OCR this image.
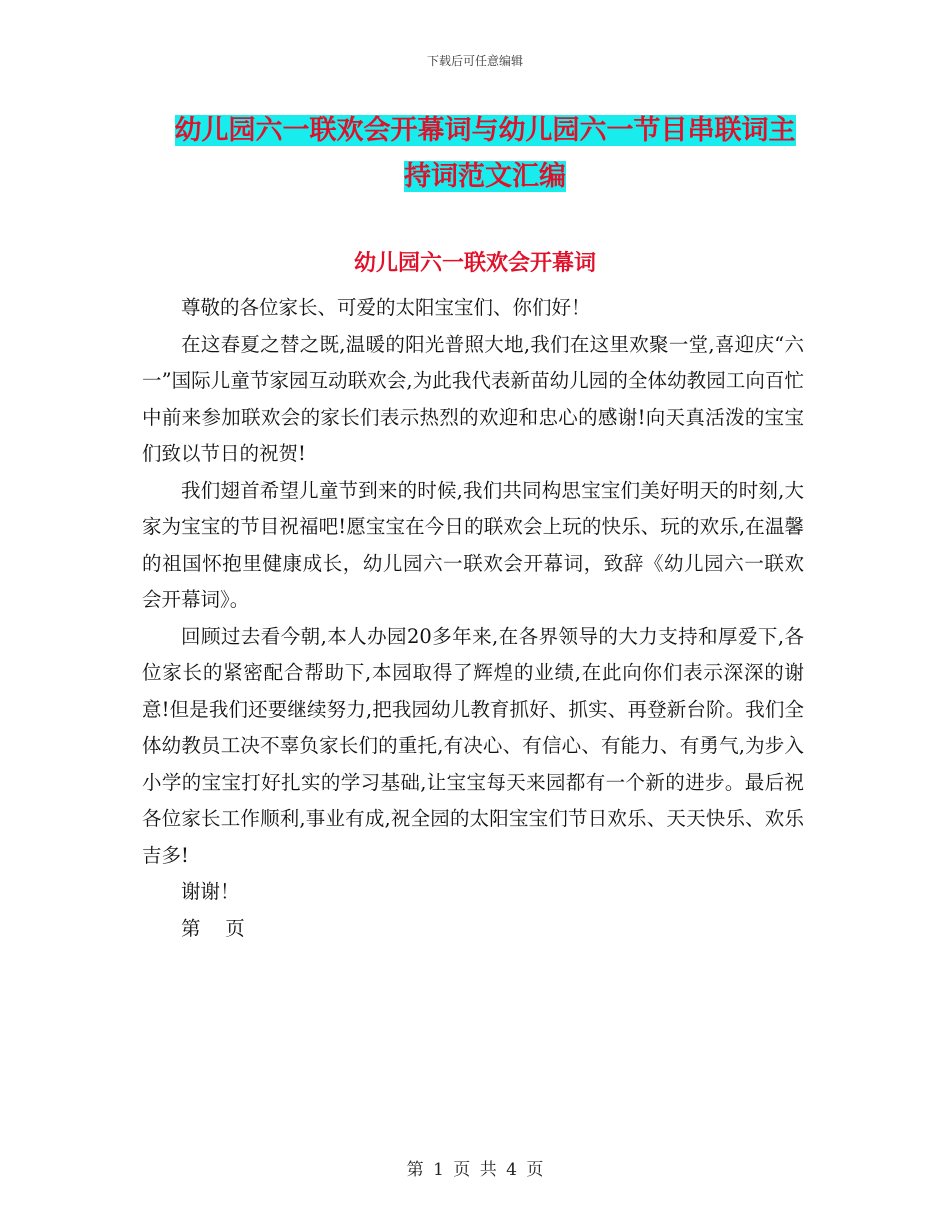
下载后可任意编辑
幼儿园六一联欢会开幕词与幼儿园六一节目串联词主
持词范文汇编
幼儿园六一联欢会开幕词

尊敬的各位家长、可爱的太阳宝宝们、你们好！

在这春夏之替之既,温暖的阳光普照大地,我们在这里欢聚一堂,喜迎庆“六一”国际儿童节家园互动联欢会,为此我代表新苗幼儿园的全体幼教园工向百忙中前来参加联欢会的家长们表示热烈的欢迎和忠心的感谢!向天真活泼的宝宝们致以节日的祝贺!

我们翅首希望儿童节到来的时候,我们共同构思宝宝们美好明天的时刻,大家为宝宝的节目祝福吧!愿宝宝在今日的联欢会上玩的快乐、玩的欢乐,在温馨的祖国怀抱里健康成长，幼儿园六一联欢会开幕词，致辞《幼儿园六一联欢会开幕词》。

回顾过去看今朝,本人办园20多年来,在各界领导的大力支持和厚爱下,各位家长的紧密配合帮助下,本园取得了辉煌的业绩,在此向你们表示深深的谢意!但是我们还要继续努力,把我园幼儿教育抓好、抓实、再登新台阶。我们全体幼教员工决不辜负家长们的重托,有决心、有信心、有能力、有勇气,为步入小学的宝宝打好扎实的学习基础,让宝宝每天来园都有一个新的进步。最后祝各位家长工作顺利,事业有成,祝全园的太阳宝宝们节日欢乐、天天快乐、欢乐吉多!

谢谢！

第    页

第 1 页 共 4 页
